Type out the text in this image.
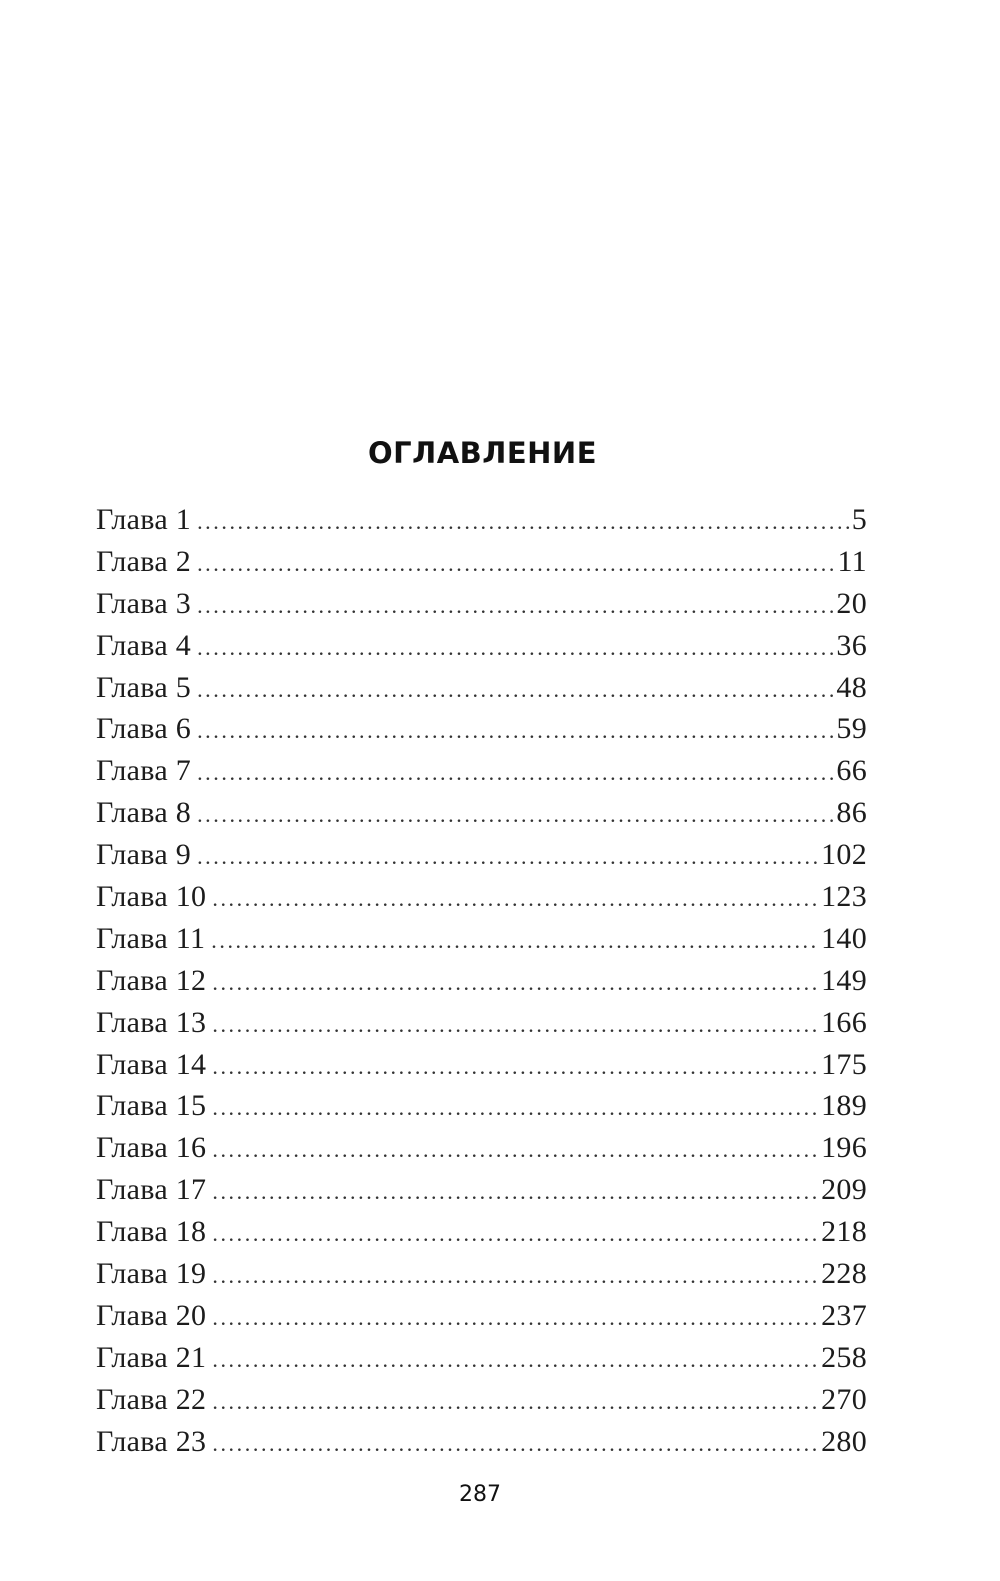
ОГЛАВЛЕНИЕ
Глава 1 .....	5
Глава 2 .....	11
Глава 3 .....	20
Глава 4 .....	36
Глава 5 .....	48
Глава 6 .....	59
Глава 7 .....	66
Глава 8 .....	86
Глава 9 .....	102
Глава 10 .....	123
Глава 11 .....	140
Глава 12 .....	149
Глава 13 .....	166
Глава 14 .....	175
Глава 15 .....	189
Глава 16 .....	196
Глава 17 .....	209
Глава 18 .....	218
Глава 19 .....	228
Глава 20 .....	237
Глава 21 .....	258
Глава 22 .....	270
Глава 23 .....	280
287
